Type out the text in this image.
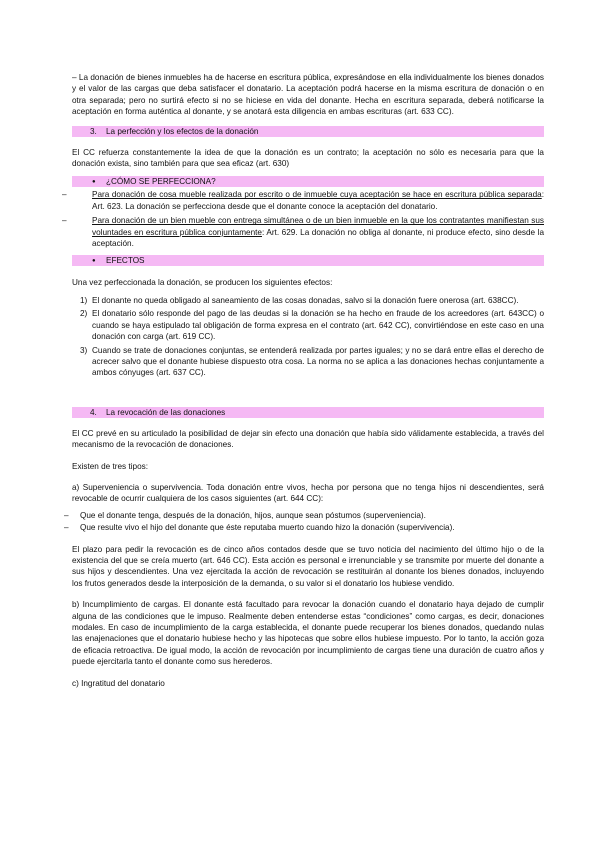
– La donación de bienes inmuebles ha de hacerse en escritura pública, expresándose en ella individualmente los bienes donados y el valor de las cargas que deba satisfacer el donatario. La aceptación podrá hacerse en la misma escritura de donación o en otra separada; pero no surtirá efecto si no se hiciese en vida del donante. Hecha en escritura separada, deberá notificarse la aceptación en forma auténtica al donante, y se anotará esta diligencia en ambas escrituras (art. 633 CC).

3. La perfección y los efectos de la donación

El CC refuerza constantemente la idea de que la donación es un contrato; la aceptación no sólo es necesaria para que la donación exista, sino también para que sea eficaz (art. 630)

● ¿CÓMO SE PERFECCIONA?
–	Para donación de cosa mueble realizada por escrito o de inmueble cuya aceptación se hace en escritura pública separada: Art. 623. La donación se perfecciona desde que el donante conoce la aceptación del donatario.
–	Para donación de un bien mueble con entrega simultánea o de un bien inmueble en la que los contratantes manifiestan sus voluntades en escritura pública conjuntamente: Art. 629. La donación no obliga al donante, ni produce efecto, sino desde la aceptación.
● EFECTOS

Una vez perfeccionada la donación, se producen los siguientes efectos:

1) El donante no queda obligado al saneamiento de las cosas donadas, salvo si la donación fuere onerosa (art. 638CC).
2) El donatario sólo responde del pago de las deudas si la donación se ha hecho en fraude de los acreedores (art. 643CC) o cuando se haya estipulado tal obligación de forma expresa en el contrato (art. 642 CC), convirtiéndose en este caso en una donación con carga (art. 619 CC).
3) Cuando se trate de donaciones conjuntas, se entenderá realizada por partes iguales; y no se dará entre ellas el derecho de acrecer salvo que el donante hubiese dispuesto otra cosa. La norma no se aplica a las donaciones hechas conjuntamente a ambos cónyuges (art. 637 CC).
4. La revocación de las donaciones

El CC prevé en su articulado la posibilidad de dejar sin efecto una donación que había sido válidamente establecida, a través del mecanismo de la revocación de donaciones.

Existen de tres tipos:

a) Superveniencia o supervivencia. Toda donación entre vivos, hecha por persona que no tenga hijos ni descendientes, será revocable de ocurrir cualquiera de los casos siguientes (art. 644 CC):

– Que el donante tenga, después de la donación, hijos, aunque sean póstumos (superveniencia).
– Que resulte vivo el hijo del donante que éste reputaba muerto cuando hizo la donación (supervivencia).

El plazo para pedir la revocación es de cinco años contados desde que se tuvo noticia del nacimiento del último hijo o de la existencia del que se creía muerto (art. 646 CC). Esta acción es personal e irrenunciable y se transmite por muerte del donante a sus hijos y descendientes. Una vez ejercitada la acción de revocación se restituirán al donante los bienes donados, incluyendo los frutos generados desde la interposición de la demanda, o su valor si el donatario los hubiese vendido.

b) Incumplimiento de cargas. El donante está facultado para revocar la donación cuando el donatario haya dejado de cumplir alguna de las condiciones que le impuso. Realmente deben entenderse estas “condiciones” como cargas, es decir, donaciones modales. En caso de incumplimiento de la carga establecida, el donante puede recuperar los bienes donados, quedando nulas las enajenaciones que el donatario hubiese hecho y las hipotecas que sobre ellos hubiese impuesto. Por lo tanto, la acción goza de eficacia retroactiva. De igual modo, la acción de revocación por incumplimiento de cargas tiene una duración de cuatro años y puede ejercitarla tanto el donante como sus herederos.

c) Ingratitud del donatario
